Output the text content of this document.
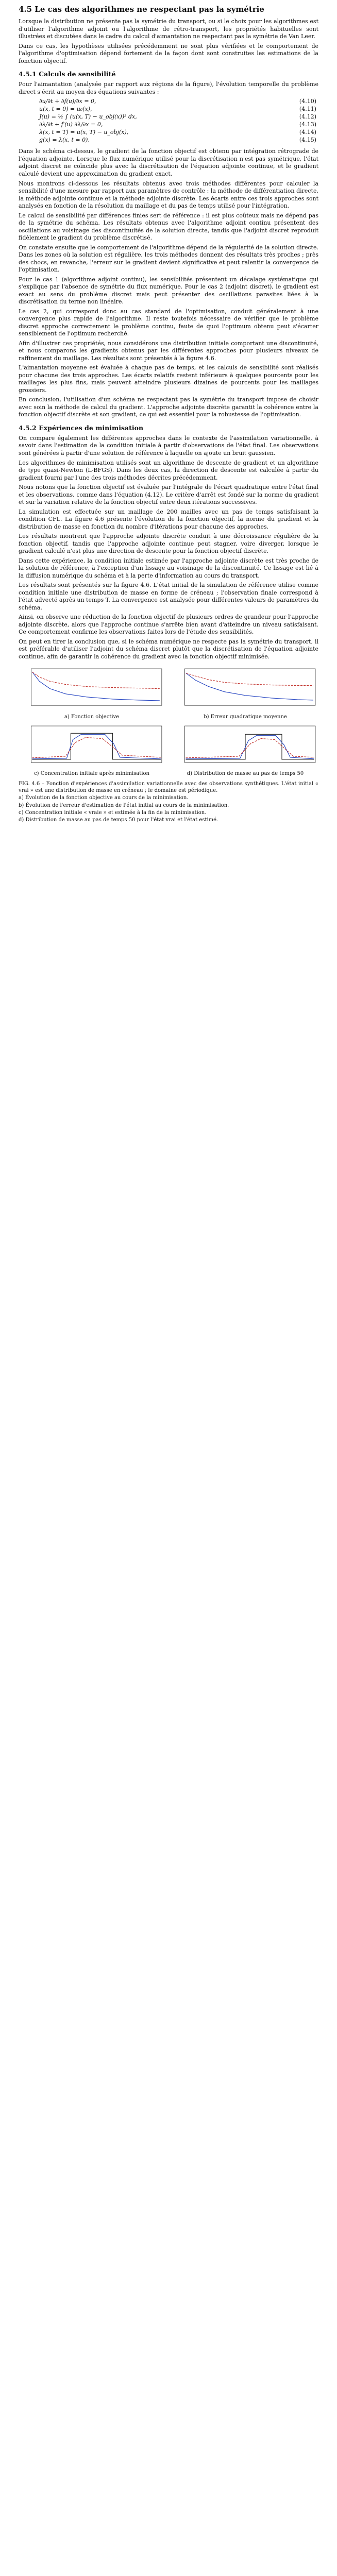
4.5 Le cas des algorithmes ne respectant pas la symétrie

Lorsque la distribution ne présente pas la symétrie du transport, ou si le choix pour les algorithmes est d'utiliser l'algorithme adjoint ou l'algorithme de rétro-transport, les propriétés habituelles sont illustrées et discutées dans le cadre du calcul d'aimantation ne respectant pas la symétrie de Van Leer.

Dans ce cas, les hypothèses utilisées précédemment ne sont plus vérifiées et le comportement de l'algorithme d'optimisation dépend fortement de la façon dont sont construites les estimations de la fonction objectif.

4.5.1 Calculs de sensibilité

Pour l'aimantation (analysée par rapport aux régions de la figure), l'évolution temporelle du problème direct s'écrit au moyen des équations suivantes :

∂u/∂t + ∂f(u)/∂x = 0,	(4.10)
u(x, t = 0) = u₀(x),	(4.11)
J(u) = ½ ∫ (u(x, T) − u_obj(x))² dx,	(4.12)
∂λ/∂t + f′(u) ∂λ/∂x = 0,	(4.13)
λ(x, t = T) = u(x, T) − u_obj(x),	(4.14)
g(x) = λ(x, t = 0),	(4.15)

Dans le schéma ci-dessus, le gradient de la fonction objectif est obtenu par intégration rétrograde de l'équation adjointe. Lorsque le flux numérique utilisé pour la discrétisation n'est pas symétrique, l'état adjoint discret ne coïncide plus avec la discrétisation de l'équation adjointe continue, et le gradient calculé devient une approximation du gradient exact.

Nous montrons ci-dessous les résultats obtenus avec trois méthodes différentes pour calculer la sensibilité d'une mesure par rapport aux paramètres de contrôle : la méthode de différentiation directe, la méthode adjointe continue et la méthode adjointe discrète. Les écarts entre ces trois approches sont analysés en fonction de la résolution du maillage et du pas de temps utilisé pour l'intégration.

Le calcul de sensibilité par différences finies sert de référence : il est plus coûteux mais ne dépend pas de la symétrie du schéma. Les résultats obtenus avec l'algorithme adjoint continu présentent des oscillations au voisinage des discontinuités de la solution directe, tandis que l'adjoint discret reproduit fidèlement le gradient du problème discrétisé.

On constate ensuite que le comportement de l'algorithme dépend de la régularité de la solution directe. Dans les zones où la solution est régulière, les trois méthodes donnent des résultats très proches ; près des chocs, en revanche, l'erreur sur le gradient devient significative et peut ralentir la convergence de l'optimisation.

Pour le cas 1 (algorithme adjoint continu), les sensibilités présentent un décalage systématique qui s'explique par l'absence de symétrie du flux numérique. Pour le cas 2 (adjoint discret), le gradient est exact au sens du problème discret mais peut présenter des oscillations parasites liées à la discrétisation du terme non linéaire.

Le cas 2, qui correspond donc au cas standard de l'optimisation, conduit généralement à une convergence plus rapide de l'algorithme. Il reste toutefois nécessaire de vérifier que le problème discret approche correctement le problème continu, faute de quoi l'optimum obtenu peut s'écarter sensiblement de l'optimum recherché.

Afin d'illustrer ces propriétés, nous considérons une distribution initiale comportant une discontinuité, et nous comparons les gradients obtenus par les différentes approches pour plusieurs niveaux de raffinement du maillage. Les résultats sont présentés à la figure 4.6.

L'aimantation moyenne est évaluée à chaque pas de temps, et les calculs de sensibilité sont réalisés pour chacune des trois approches. Les écarts relatifs restent inférieurs à quelques pourcents pour les maillages les plus fins, mais peuvent atteindre plusieurs dizaines de pourcents pour les maillages grossiers.

En conclusion, l'utilisation d'un schéma ne respectant pas la symétrie du transport impose de choisir avec soin la méthode de calcul du gradient. L'approche adjointe discrète garantit la cohérence entre la fonction objectif discrète et son gradient, ce qui est essentiel pour la robustesse de l'optimisation.

4.5.2 Expériences de minimisation

On compare également les différentes approches dans le contexte de l'assimilation variationnelle, à savoir dans l'estimation de la condition initiale à partir d'observations de l'état final. Les observations sont générées à partir d'une solution de référence à laquelle on ajoute un bruit gaussien.

Les algorithmes de minimisation utilisés sont un algorithme de descente de gradient et un algorithme de type quasi-Newton (L-BFGS). Dans les deux cas, la direction de descente est calculée à partir du gradient fourni par l'une des trois méthodes décrites précédemment.

Nous notons que la fonction objectif est évaluée par l'intégrale de l'écart quadratique entre l'état final et les observations, comme dans l'équation (4.12). Le critère d'arrêt est fondé sur la norme du gradient et sur la variation relative de la fonction objectif entre deux itérations successives.

La simulation est effectuée sur un maillage de 200 mailles avec un pas de temps satisfaisant la condition CFL. La figure 4.6 présente l'évolution de la fonction objectif, la norme du gradient et la distribution de masse en fonction du nombre d'itérations pour chacune des approches.

Les résultats montrent que l'approche adjointe discrète conduit à une décroissance régulière de la fonction objectif, tandis que l'approche adjointe continue peut stagner, voire diverger, lorsque le gradient calculé n'est plus une direction de descente pour la fonction objectif discrète.

Dans cette expérience, la condition initiale estimée par l'approche adjointe discrète est très proche de la solution de référence, à l'exception d'un lissage au voisinage de la discontinuité. Ce lissage est lié à la diffusion numérique du schéma et à la perte d'information au cours du transport.

Les résultats sont présentés sur la figure 4.6. L'état initial de la simulation de référence utilise comme condition initiale une distribution de masse en forme de créneau ; l'observation finale correspond à l'état advecté après un temps T. La convergence est analysée pour différentes valeurs de paramètres du schéma.

Ainsi, on observe une réduction de la fonction objectif de plusieurs ordres de grandeur pour l'approche adjointe discrète, alors que l'approche continue s'arrête bien avant d'atteindre un niveau satisfaisant. Ce comportement confirme les observations faites lors de l'étude des sensibilités.

On peut en tirer la conclusion que, si le schéma numérique ne respecte pas la symétrie du transport, il est préférable d'utiliser l'adjoint du schéma discret plutôt que la discrétisation de l'équation adjointe continue, afin de garantir la cohérence du gradient avec la fonction objectif minimisée.

a) Fonction objective	b) Erreur quadratique moyenne
c) Concentration initiale après minimisation	d) Distribution de masse au pas de temps 50

FIG. 4.6 – Fonction d'expériences d'assimilation variationnelle avec des observations synthétiques. L'état initial « vrai » est une distribution de masse en créneau ; le domaine est périodique.

a) Évolution de la fonction objective au cours de la minimisation.

b) Évolution de l'erreur d'estimation de l'état initial au cours de la minimisation.

c) Concentration initiale « vraie » et estimée à la fin de la minimisation.

d) Distribution de masse au pas de temps 50 pour l'état vrai et l'état estimé.
